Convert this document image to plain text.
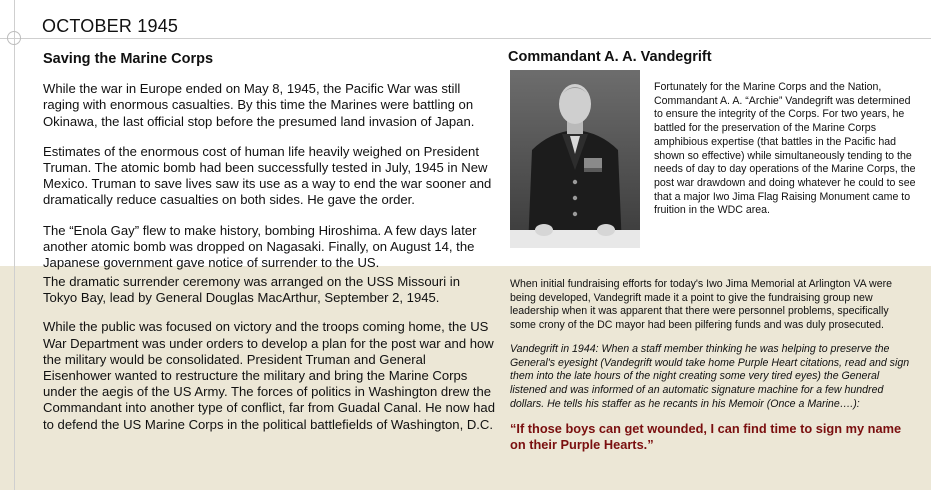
OCTOBER 1945
Saving the Marine Corps

While the war in Europe ended on May 8, 1945, the Pacific War was still raging with enormous casualties. By this time the Marines were battling on Okinawa, the last official stop before the presumed land invasion of Japan.

Estimates of the enormous cost of human life heavily weighed on President Truman. The atomic bomb had been successfully tested in July, 1945 in New Mexico. Truman to save lives saw its use as a way to end the war sooner and dramatically reduce casualties on both sides. He gave the order.

The “Enola Gay” flew to make history, bombing Hiroshima. A few days later another atomic bomb was dropped on Nagasaki. Finally, on August 14, the Japanese government gave notice of surrender to the US.

The dramatic surrender ceremony was arranged on the USS Missouri in Tokyo Bay, lead by General Douglas MacArthur, September 2, 1945.

While the public was focused on victory and the troops coming home, the US War Department was under orders to develop a plan for the post war and how the military would be consolidated. President Truman and General Eisenhower wanted to restructure the military and bring the Marine Corps under the aegis of the US Army. The forces of politics in Washington drew the Commandant into another type of conflict, far from Guadal Canal. He now had to defend the US Marine Corps in the political battlefields of Washington, D.C.

Commandant A. A. Vandegrift
Fortunately for the Marine Corps and the Nation, Commandant A. A. “Archie” Vandegrift was determined to ensure the integrity of the Corps. For two years, he battled for the preservation of the Marine Corps amphibious expertise (that battles in the Pacific had shown so effective) while simultaneously tending to the needs of day to day operations of the Marine Corps, the post war drawdown and doing whatever he could to see that a major Iwo Jima Flag Raising Monument came to fruition in the WDC area.

When initial fundraising efforts for today's Iwo Jima Memorial at Arlington VA were being developed, Vandegrift made it a point to give the fundraising group new leadership when it was apparent that there were personnel problems, specifically some crony of the DC mayor had been pilfering funds and was duly prosecuted.

Vandegrift in 1944: When a staff member thinking he was helping to preserve the General's eyesight (Vandegrift would take home Purple Heart citations, read and sign them into the late hours of the night creating some very tired eyes) the General listened and was informed of an automatic signature machine for a few hundred dollars. He tells his staffer as he recants in his Memoir (Once a Marine….):

“If those boys can get wounded, I can find time to sign my name on their Purple Hearts.”
